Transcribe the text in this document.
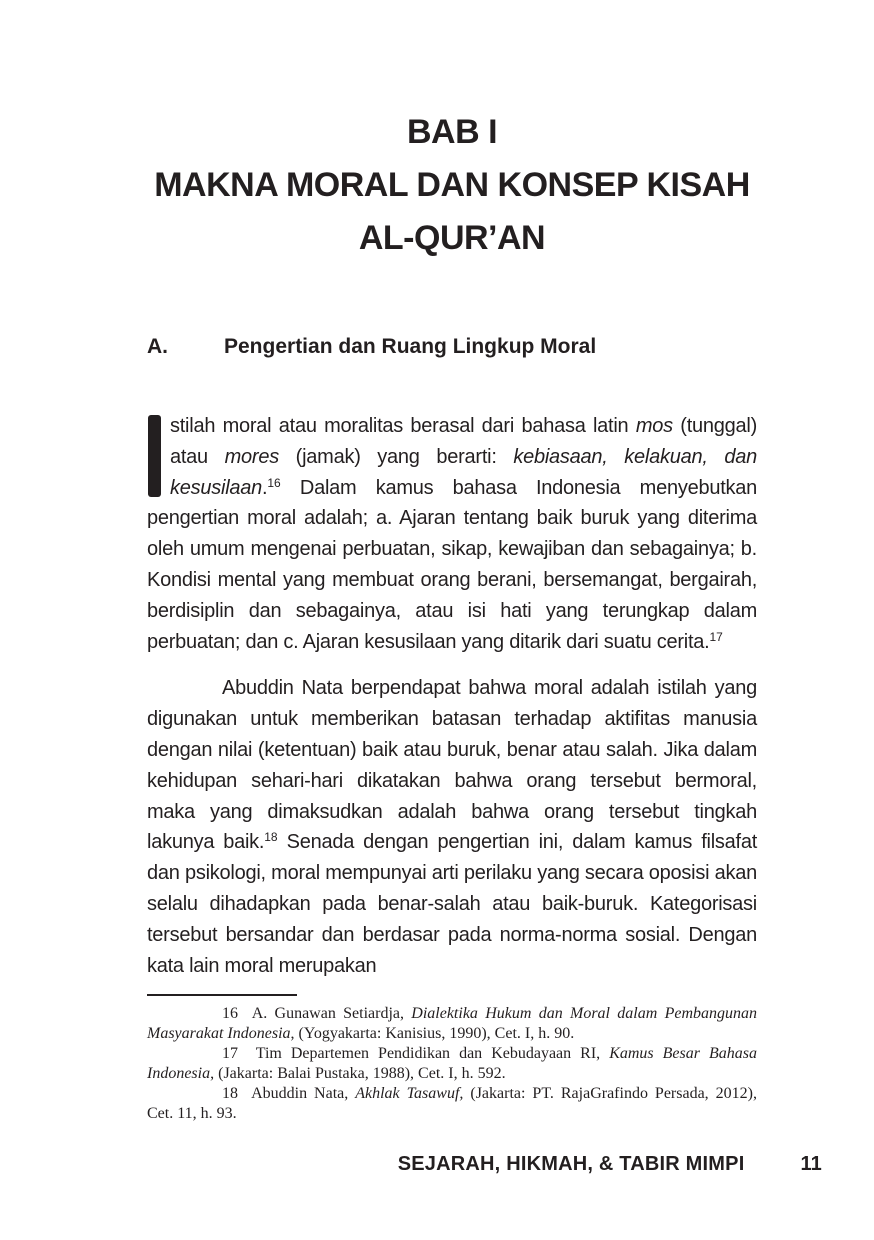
BAB I
MAKNA MORAL DAN KONSEP KISAH
AL-QUR’AN
A.	Pengertian dan Ruang Lingkup Moral

stilah moral atau moralitas berasal dari bahasa latin mos (tunggal) atau mores (jamak) yang berarti: kebiasaan, kelakuan, dan kesusilaan.$^{16}$ Dalam kamus bahasa Indonesia menyebutkan pengertian moral adalah; a. Ajaran tentang baik buruk yang diterima oleh umum mengenai perbuatan, sikap, kewajiban dan sebagainya; b. Kondisi mental yang membuat orang berani, bersemangat, bergairah, berdisiplin dan sebagainya, atau isi hati yang terungkap dalam perbuatan; dan c. Ajaran kesusilaan yang ditarik dari suatu cerita.$^{17}$

Abuddin Nata berpendapat bahwa moral adalah istilah yang digunakan untuk memberikan batasan terhadap aktifitas manusia dengan nilai (ketentuan) baik atau buruk, benar atau salah. Jika dalam kehidupan sehari-hari dikatakan bahwa orang tersebut bermoral, maka yang dimaksudkan adalah bahwa orang tersebut tingkah lakunya baik.$^{18}$ Senada dengan pengertian ini, dalam kamus filsafat dan psikologi, moral mempunyai arti perilaku yang secara oposisi akan selalu dihadapkan pada benar-salah atau baik-buruk. Kategorisasi tersebut bersandar dan berdasar pada norma-norma sosial. Dengan kata lain moral merupakan

16  A. Gunawan Setiardja, Dialektika Hukum dan Moral dalam Pembangunan Masyarakat Indonesia, (Yogyakarta: Kanisius, 1990), Cet. I, h. 90.

17  Tim Departemen Pendidikan dan Kebudayaan RI, Kamus Besar Bahasa Indonesia, (Jakarta: Balai Pustaka, 1988), Cet. I, h. 592.

18  Abuddin Nata, Akhlak Tasawuf, (Jakarta: PT. RajaGrafindo Persada, 2012), Cet. 11, h. 93.

SEJARAH, HIKMAH, & TABIR MIMPI	11
